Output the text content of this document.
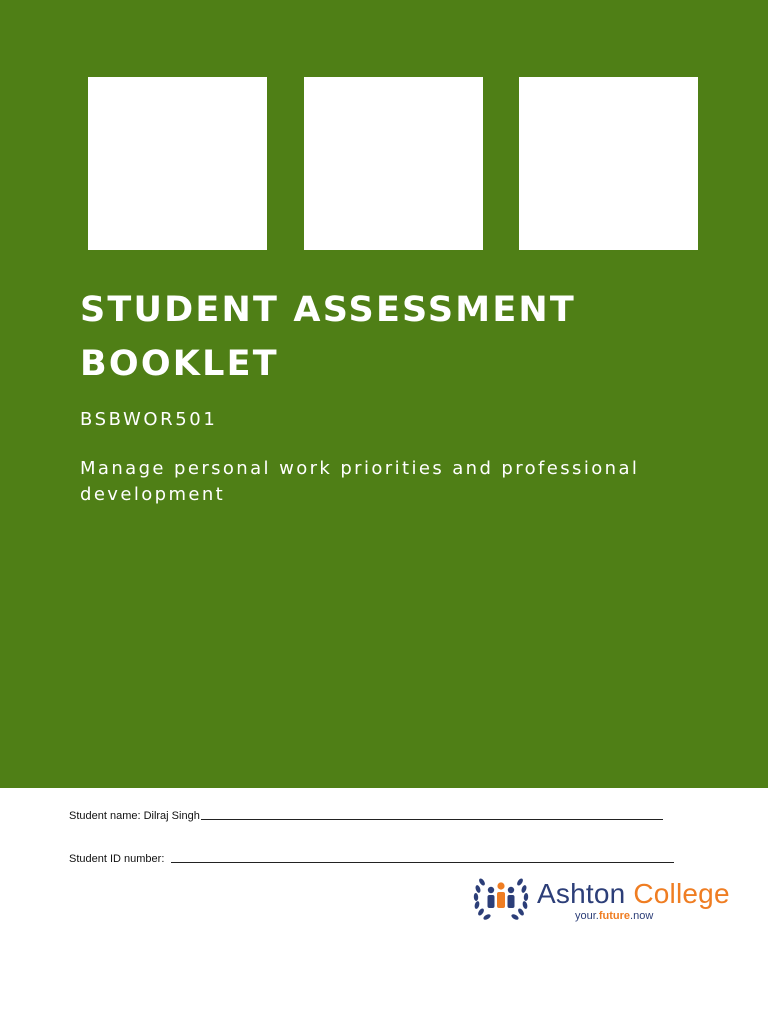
STUDENT ASSESSMENT BOOKLET
BSBWOR501
Manage personal work priorities and professional development
Student name: Dilraj Singh
Student ID number:
Ashton College
your.future.now
